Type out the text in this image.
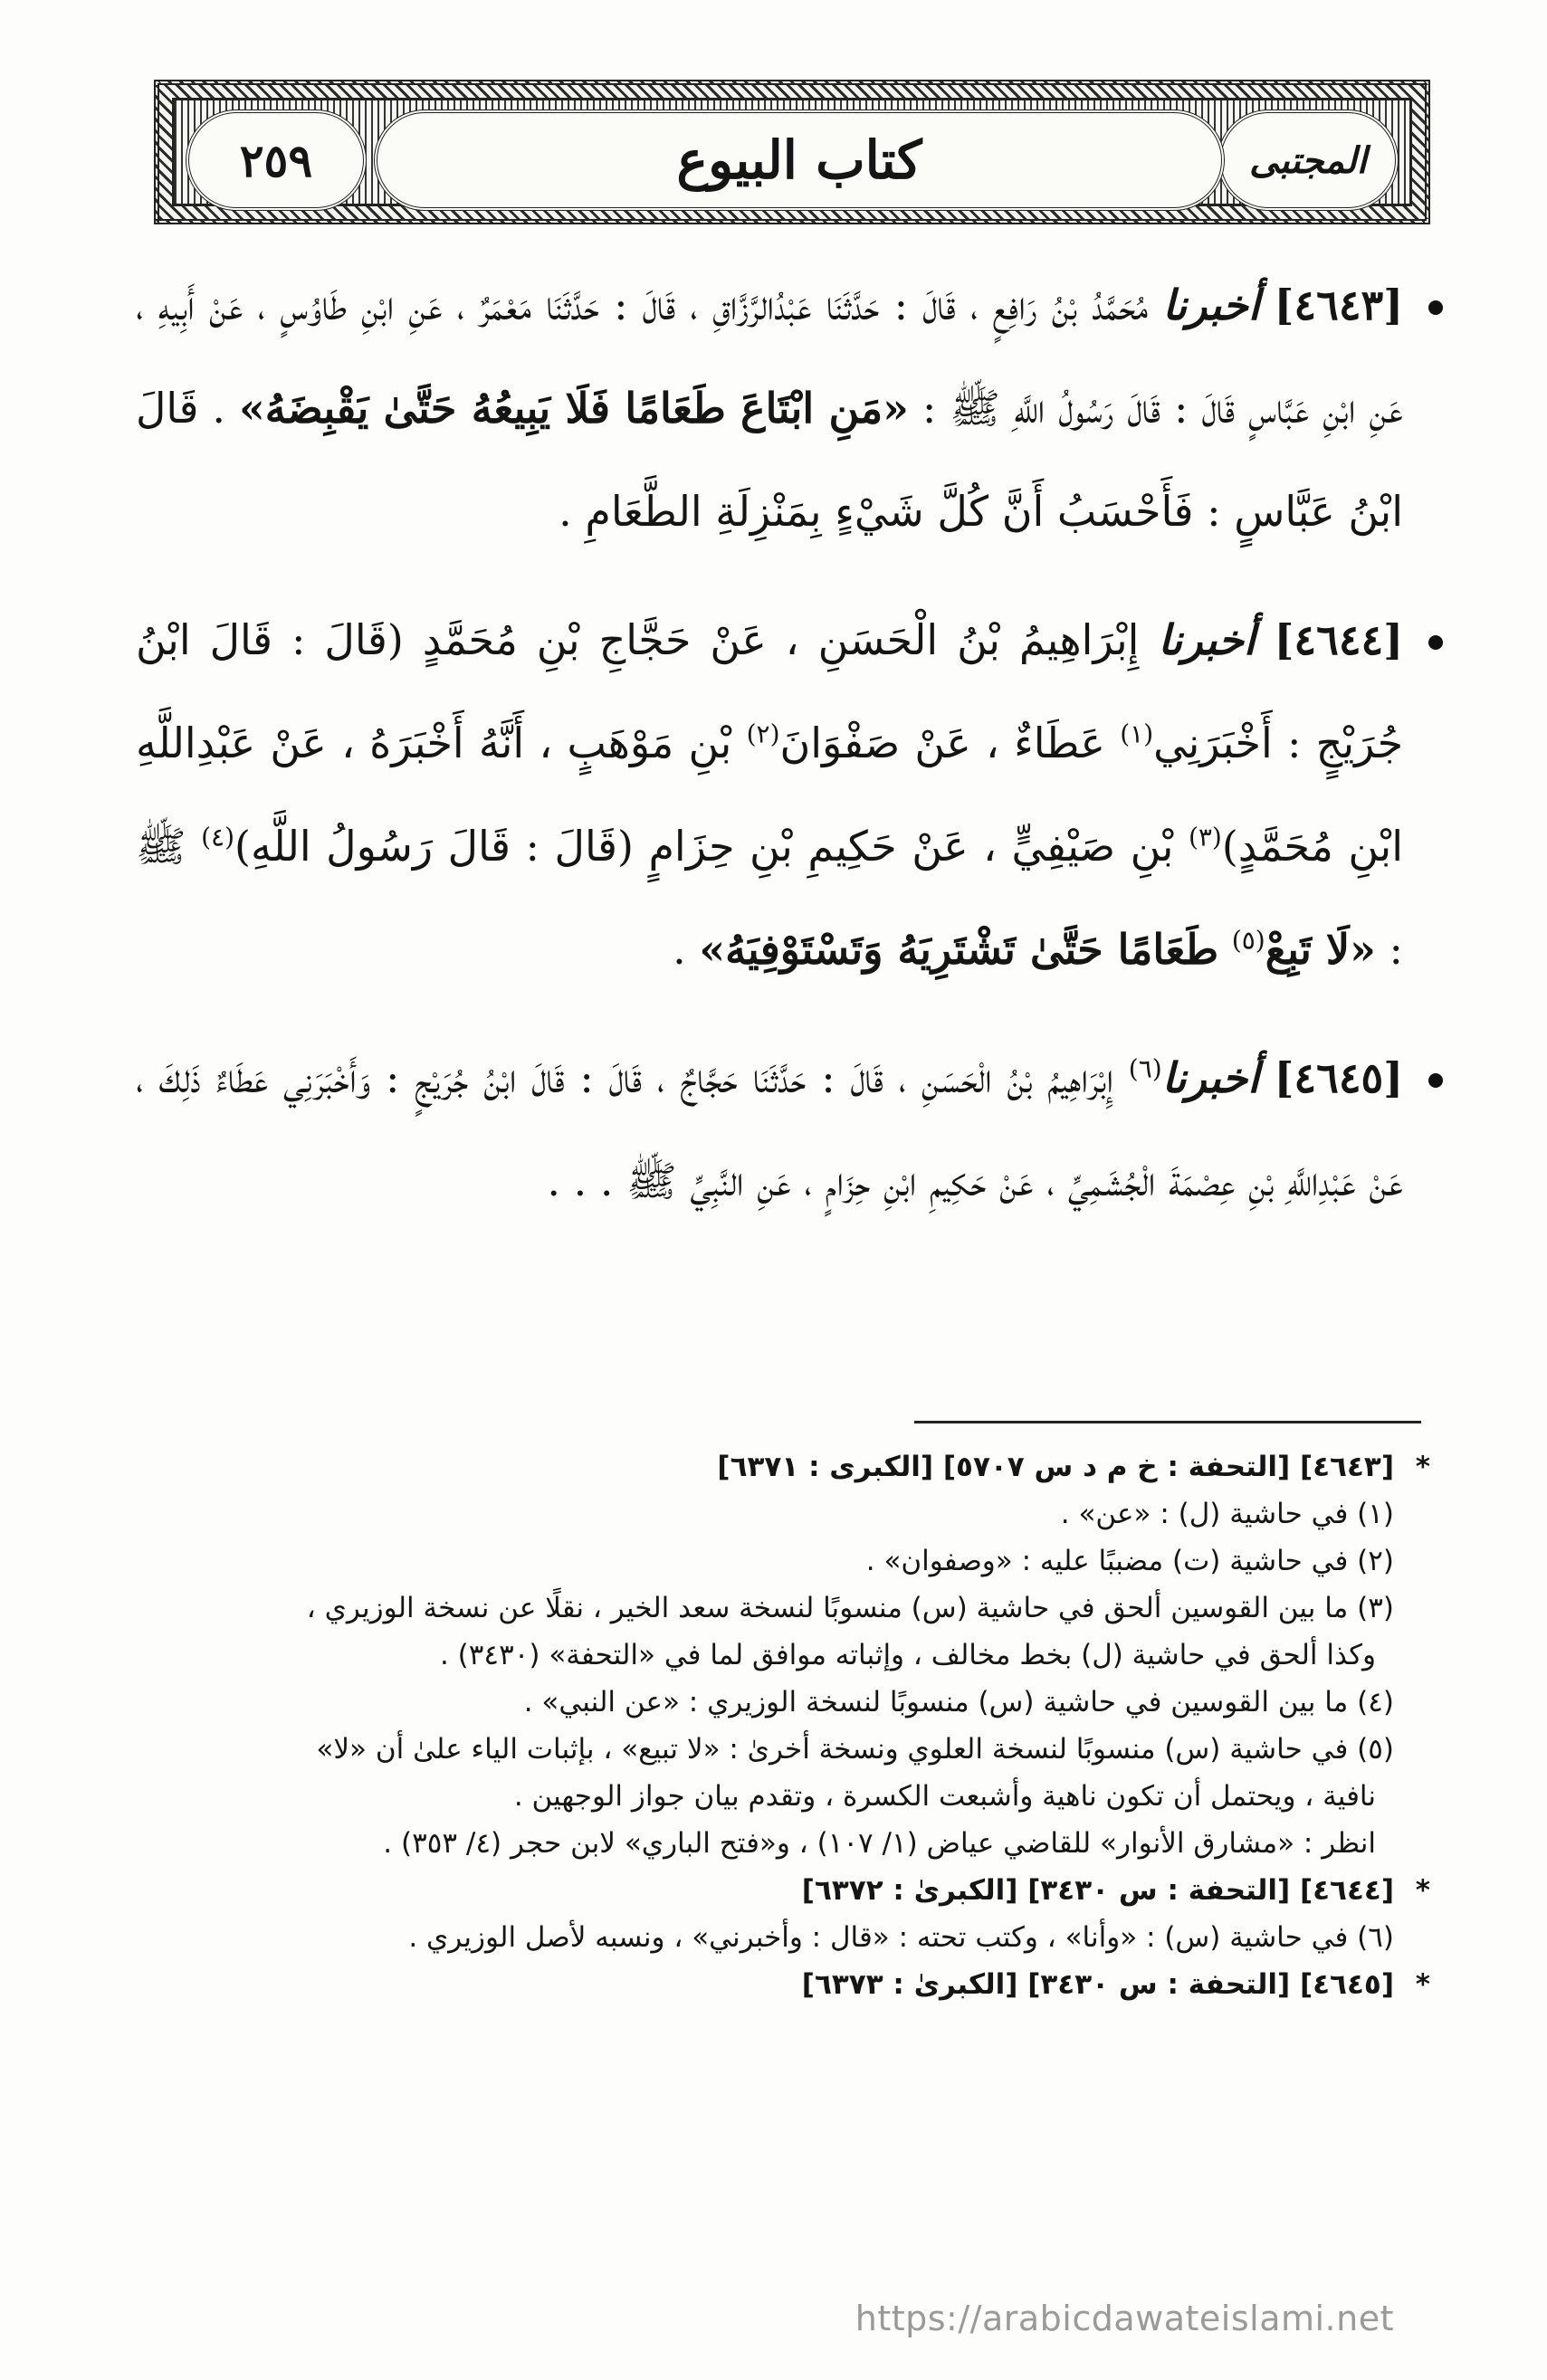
المجتبى
كتاب البيوع
٢٥٩

[٤٦٤٣] أخبرنا مُحَمَّدُ بْنُ رَافِعٍ ، قَالَ : حَدَّثَنَا عَبْدُالرَّزَّاقِ ، قَالَ : حَدَّثَنَا مَعْمَرٌ ، عَنِ ابْنِ طَاوُسٍ ، عَنْ أَبِيهِ ، عَنِ ابْنِ عَبَّاسٍ قَالَ : قَالَ رَسُولُ اللَّهِ ﷺ : «مَنِ ابْتَاعَ طَعَامًا فَلَا يَبِيعُهُ حَتَّىٰ يَقْبِضَهُ» . قَالَ ابْنُ عَبَّاسٍ : فَأَحْسَبُ أَنَّ كُلَّ شَيْءٍ بِمَنْزِلَةِ الطَّعَامِ .

[٤٦٤٤] أخبرنا إِبْرَاهِيمُ بْنُ الْحَسَنِ ، عَنْ حَجَّاجِ بْنِ مُحَمَّدٍ (قَالَ : قَالَ ابْنُ جُرَيْجٍ : أَخْبَرَنِي$^{(١)}$ عَطَاءٌ ، عَنْ صَفْوَانَ$^{(٢)}$ بْنِ مَوْهَبٍ ، أَنَّهُ أَخْبَرَهُ ، عَنْ عَبْدِاللَّهِ ابْنِ مُحَمَّدٍ)$^{(٣)}$ بْنِ صَيْفِيٍّ ، عَنْ حَكِيمِ بْنِ حِزَامٍ (قَالَ : قَالَ رَسُولُ اللَّهِ)$^{(٤)}$ ﷺ : «لَا تَبِعْ$^{(٥)}$ طَعَامًا حَتَّىٰ تَشْتَرِيَهُ وَتَسْتَوْفِيَهُ» .

[٤٦٤٥] أخبرنا$^{(٦)}$ إِبْرَاهِيمُ بْنُ الْحَسَنِ ، قَالَ : حَدَّثَنَا حَجَّاجٌ ، قَالَ : قَالَ ابْنُ جُرَيْجٍ : وَأَخْبَرَنِي عَطَاءٌ ذَلِكَ ، عَنْ عَبْدِاللَّهِ بْنِ عِصْمَةَ الْجُشَمِيِّ ، عَنْ حَكِيمِ ابْنِ حِزَامٍ ، عَنِ النَّبِيِّ ﷺ . . .

*[٤٦٤٣] [التحفة : خ م د س ٥٧٠٧] [الكبرى : ٦٣٧١]

(١) في حاشية (ل) : «عن» .

(٢) في حاشية (ت) مضببًا عليه : «وصفوان» .

(٣) ما بين القوسين ألحق في حاشية (س) منسوبًا لنسخة سعد الخير ، نقلًا عن نسخة الوزيري ،

وكذا ألحق في حاشية (ل) بخط مخالف ، وإثباته موافق لما في «التحفة» (٣٤٣٠) .

(٤) ما بين القوسين في حاشية (س) منسوبًا لنسخة الوزيري : «عن النبي» .

(٥) في حاشية (س) منسوبًا لنسخة العلوي ونسخة أخرىٰ : «لا تبيع» ، بإثبات الياء علىٰ أن «لا»

نافية ، ويحتمل أن تكون ناهية وأشبعت الكسرة ، وتقدم بيان جواز الوجهين .

انظر : «مشارق الأنوار» للقاضي عياض (١/ ١٠٧) ، و«فتح الباري» لابن حجر (٤/ ٣٥٣) .

*[٤٦٤٤] [التحفة : س ٣٤٣٠] [الكبرىٰ : ٦٣٧٢]

(٦) في حاشية (س) : «وأنا» ، وكتب تحته : «قال : وأخبرني» ، ونسبه لأصل الوزيري .

*[٤٦٤٥] [التحفة : س ٣٤٣٠] [الكبرىٰ : ٦٣٧٣]

https://arabicdawateislami.net
